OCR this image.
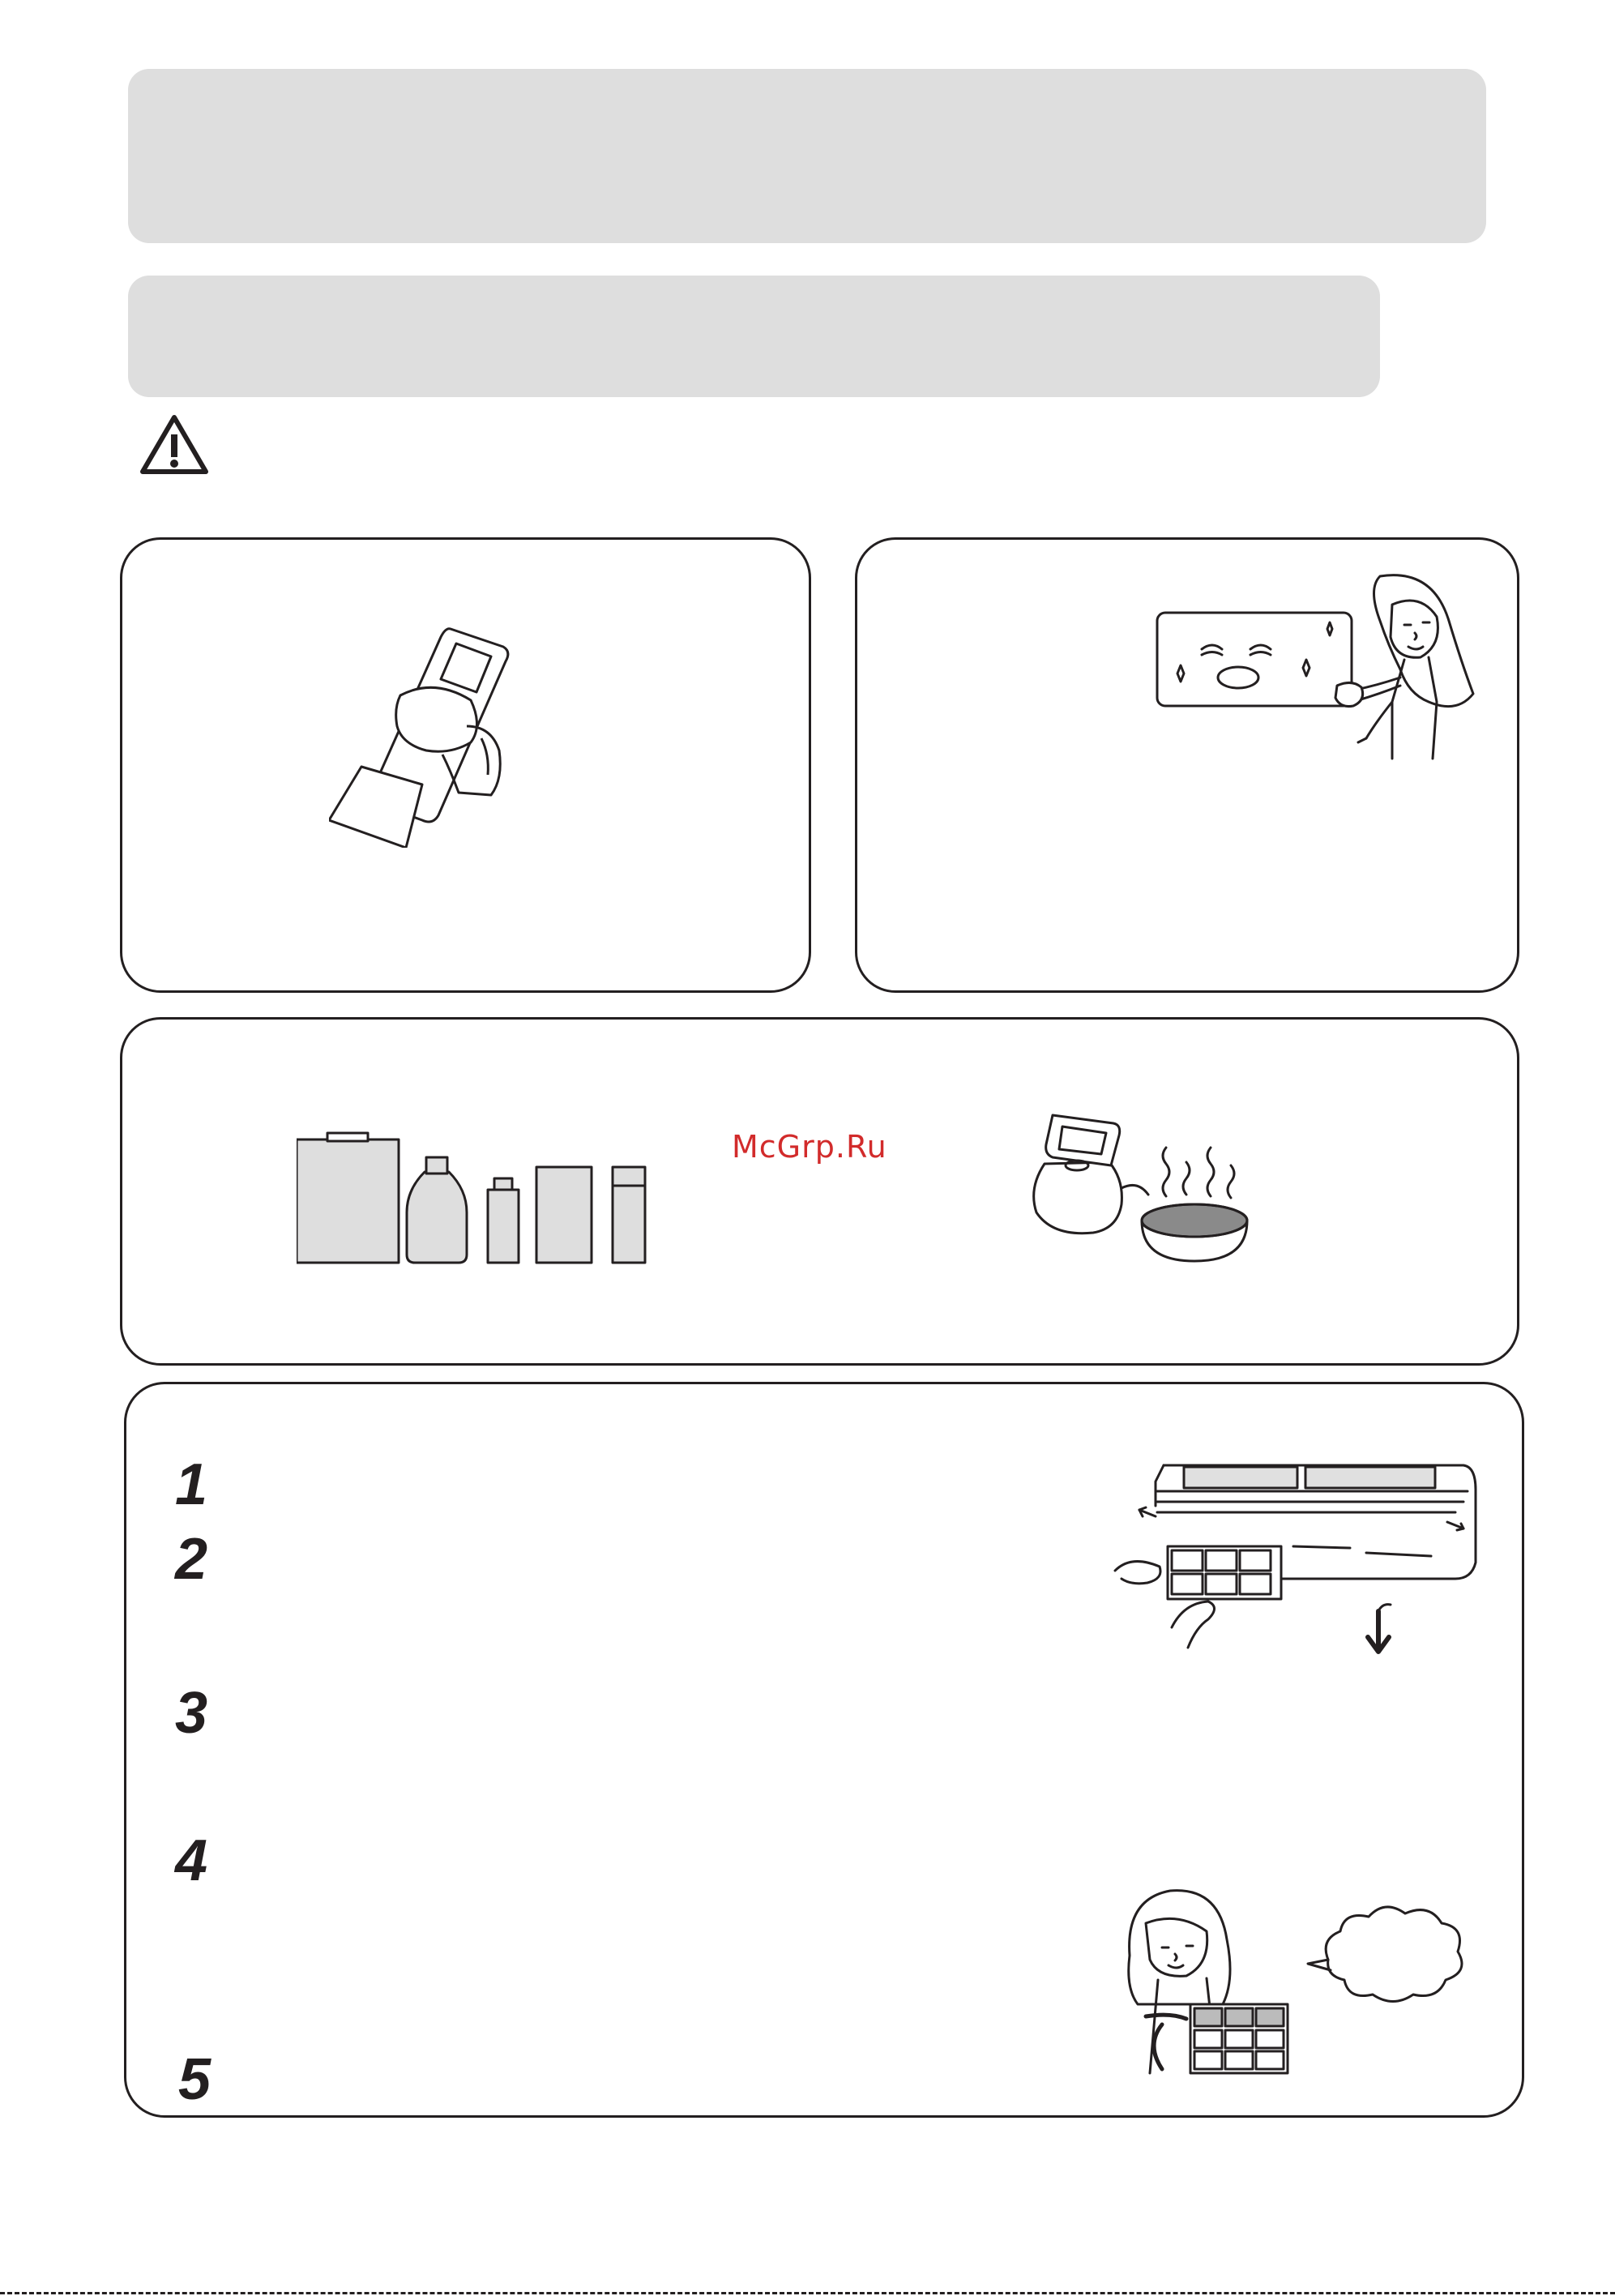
McGrp.Ru
1
2
3
4
5
